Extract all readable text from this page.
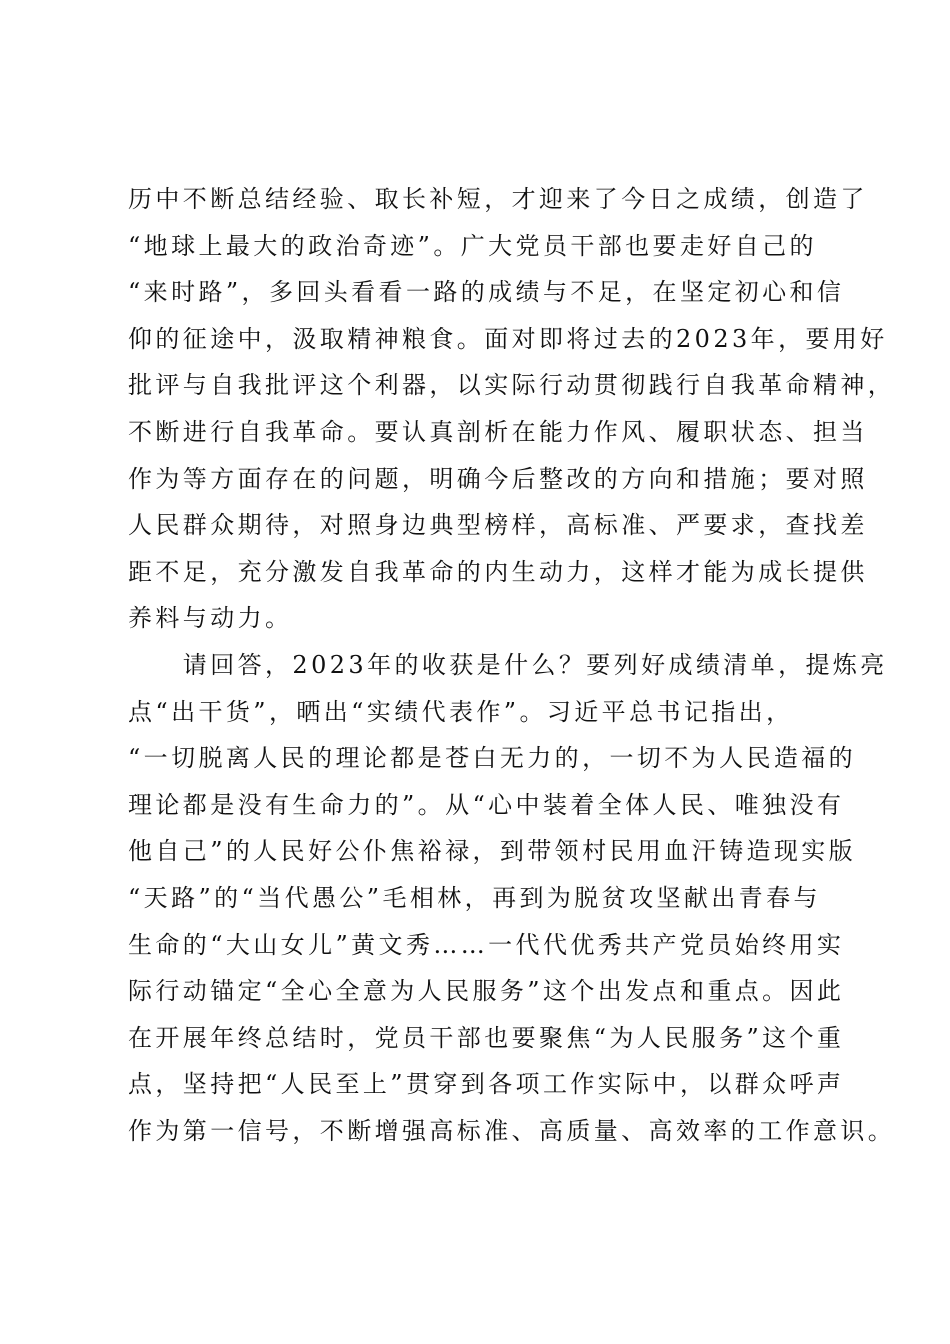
历中不断总结经验、取长补短，才迎来了今日之成绩，创造了
“地球上最大的政治奇迹”。广大党员干部也要走好自己的
“来时路”，多回头看看一路的成绩与不足，在坚定初心和信
仰的征途中，汲取精神粮食。面对即将过去的2023年，要用好
批评与自我批评这个利器，以实际行动贯彻践行自我革命精神，
不断进行自我革命。要认真剖析在能力作风、履职状态、担当
作为等方面存在的问题，明确今后整改的方向和措施；要对照
人民群众期待，对照身边典型榜样，高标准、严要求，查找差
距不足，充分激发自我革命的内生动力，这样才能为成长提供
养料与动力。
　　请回答，2023年的收获是什么？要列好成绩清单，提炼亮
点“出干货”，晒出“实绩代表作”。习近平总书记指出，
“一切脱离人民的理论都是苍白无力的，一切不为人民造福的
理论都是没有生命力的”。从“心中装着全体人民、唯独没有
他自己”的人民好公仆焦裕禄，到带领村民用血汗铸造现实版
“天路”的“当代愚公”毛相林，再到为脱贫攻坚献出青春与
生命的“大山女儿”黄文秀……一代代优秀共产党员始终用实
际行动锚定“全心全意为人民服务”这个出发点和重点。因此
在开展年终总结时，党员干部也要聚焦“为人民服务”这个重
点，坚持把“人民至上”贯穿到各项工作实际中，以群众呼声
作为第一信号，不断增强高标准、高质量、高效率的工作意识。
